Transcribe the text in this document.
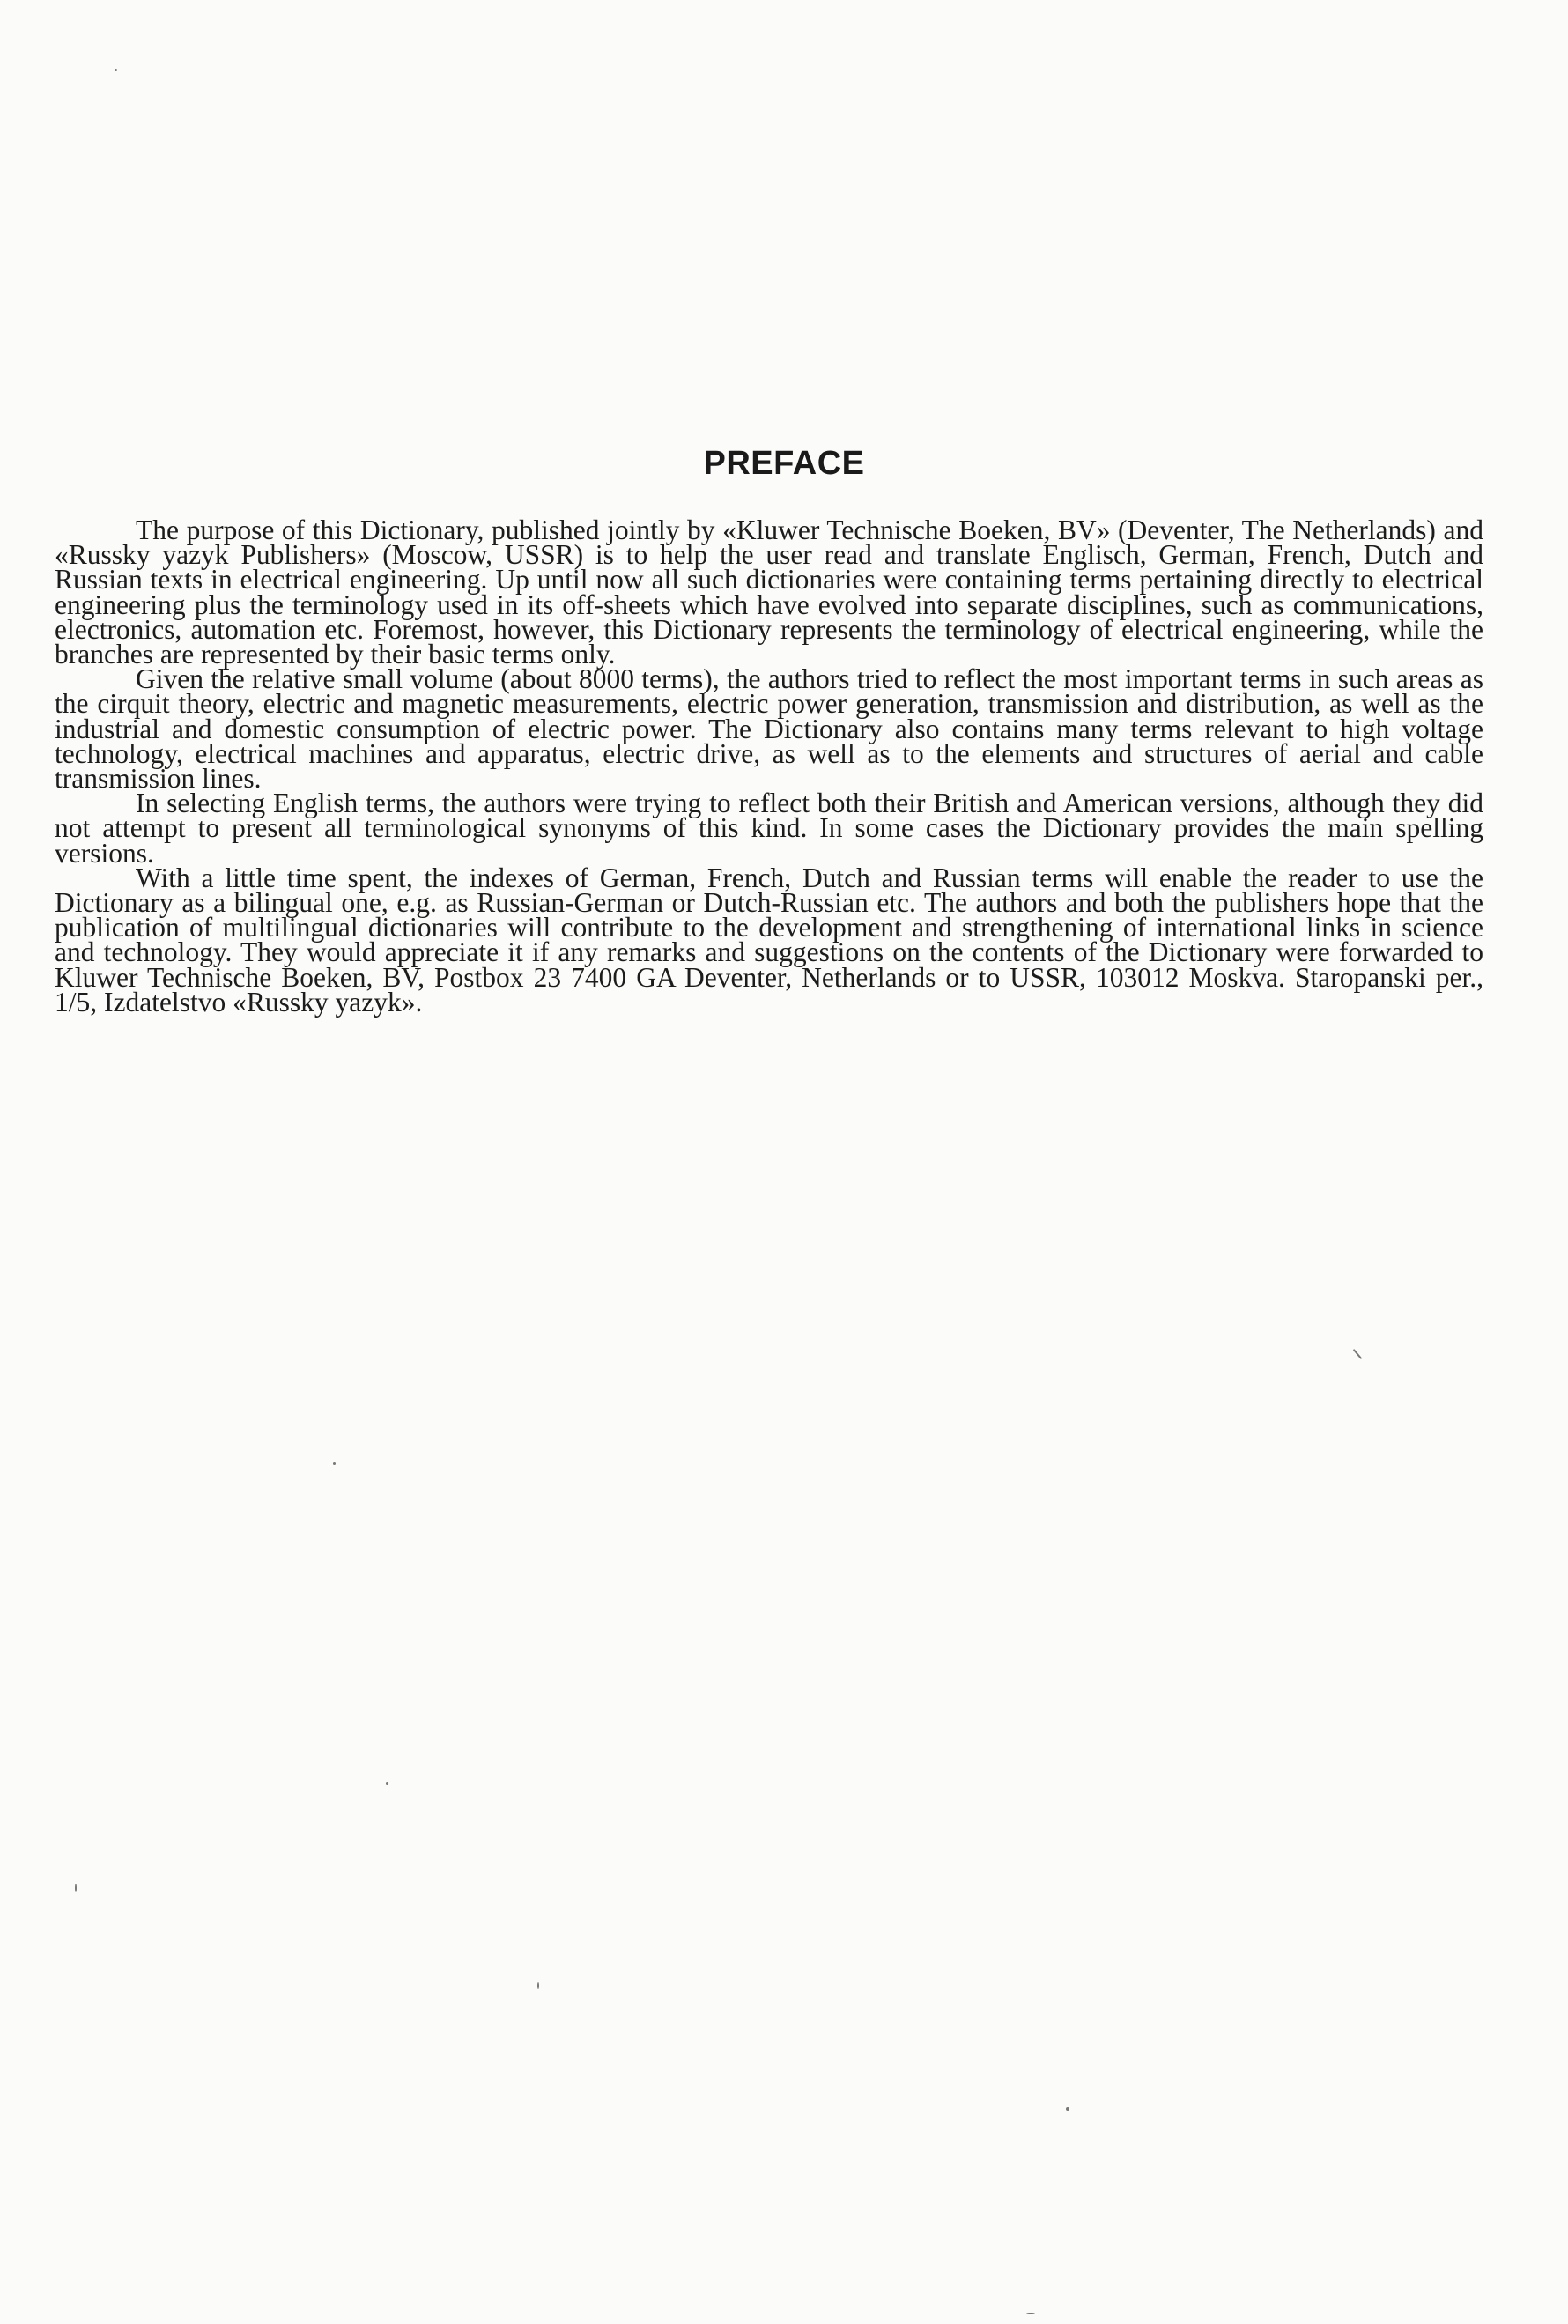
PREFACE

The purpose of this Dictionary, published jointly by «Kluwer Technische Boeken, BV» (Deventer, The Netherlands) and «Russky yazyk Publishers» (Moscow, USSR) is to help the user read and translate Englisch, German, French, Dutch and Russian texts in electrical engineering. Up until now all such dictionaries were containing terms pertaining directly to electrical engineering plus the terminology used in its off-sheets which have evolved into separate disciplines, such as communications, electronics, automation etc. Foremost, however, this Dictionary represents the terminology of electrical engineering, while the branches are represented by their basic terms only.

Given the relative small volume (about 8000 terms), the authors tried to reflect the most important terms in such areas as the cirquit theory, electric and magnetic measurements, electric power generation, transmission and distribution, as well as the industrial and domestic consumption of electric power. The Dictionary also contains many terms relevant to high voltage technology, electrical machines and apparatus, electric drive, as well as to the elements and structures of aerial and cable transmission lines.

In selecting English terms, the authors were trying to reflect both their British and American versions, although they did not attempt to present all terminological synonyms of this kind. In some cases the Dictionary provides the main spelling versions.

With a little time spent, the indexes of German, French, Dutch and Russian terms will enable the reader to use the Dictionary as a bilingual one, e.g. as Russian-German or Dutch-Russian etc. The authors and both the publishers hope that the publication of multilingual dictionaries will contribute to the development and strengthening of international links in science and technology. They would appreciate it if any remarks and suggestions on the contents of the Dictionary were forwarded to Kluwer Technische Boeken, BV, Postbox 23 7400 GA Deventer, Netherlands or to USSR, 103012 Moskva. Staropanski per., 1/5, Izdatelstvo «Russky yazyk».
